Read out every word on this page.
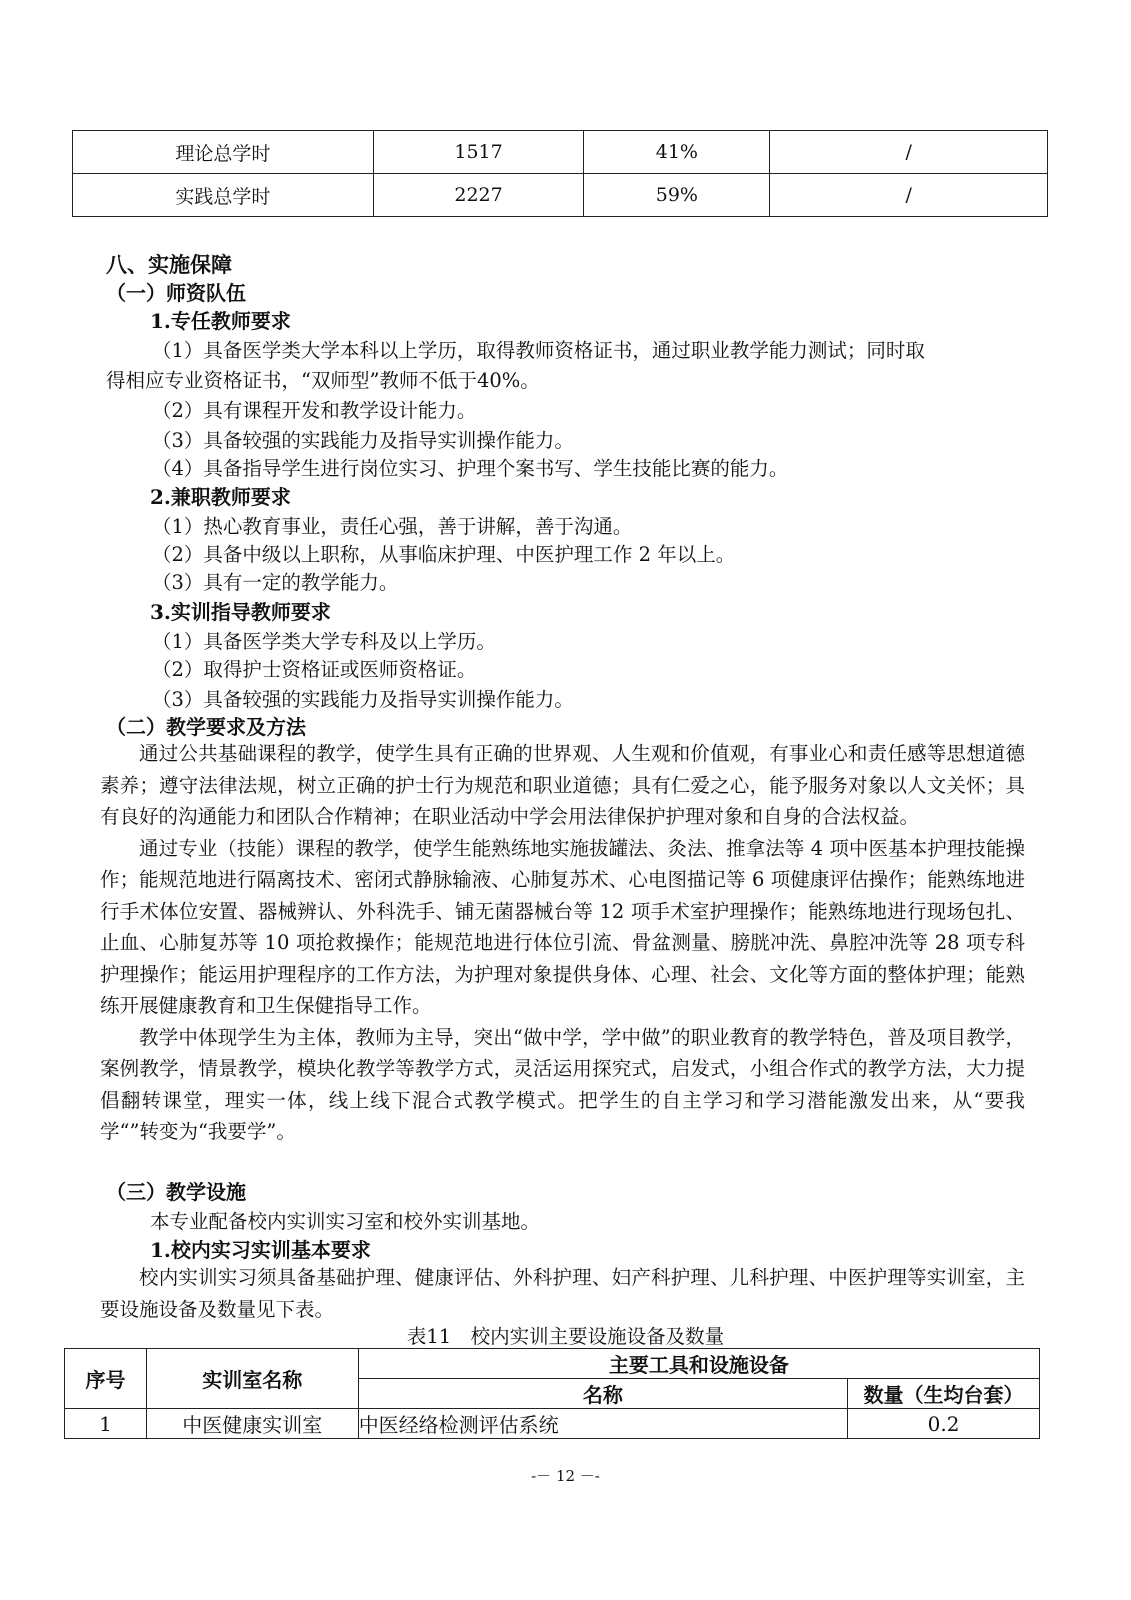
理论总学时	1517	41%	/
实践总学时	2227	59%	/
八、实施保障
（一）师资队伍
1.专任教师要求
（1）具备医学类大学本科以上学历，取得教师资格证书，通过职业教学能力测试；同时取
得相应专业资格证书，“双师型”教师不低于40%。
（2）具有课程开发和教学设计能力。
（3）具备较强的实践能力及指导实训操作能力。
（4）具备指导学生进行岗位实习、护理个案书写、学生技能比赛的能力。
2.兼职教师要求
（1）热心教育事业，责任心强，善于讲解，善于沟通。
（2）具备中级以上职称，从事临床护理、中医护理工作 2 年以上。
（3）具有一定的教学能力。
3.实训指导教师要求
（1）具备医学类大学专科及以上学历。
（2）取得护士资格证或医师资格证。
（3）具备较强的实践能力及指导实训操作能力。
（二）教学要求及方法

通过公共基础课程的教学，使学生具有正确的世界观、人生观和价值观，有事业心和责任感等思想道德素养；遵守法律法规，树立正确的护士行为规范和职业道德；具有仁爱之心，能予服务对象以人文关怀；具有良好的沟通能力和团队合作精神；在职业活动中学会用法律保护护理对象和自身的合法权益。

通过专业（技能）课程的教学，使学生能熟练地实施拔罐法、灸法、推拿法等 4 项中医基本护理技能操作；能规范地进行隔离技术、密闭式静脉输液、心肺复苏术、心电图描记等 6 项健康评估操作；能熟练地进行手术体位安置、器械辨认、外科洗手、铺无菌器械台等 12 项手术室护理操作；能熟练地进行现场包扎、止血、心肺复苏等 10 项抢救操作；能规范地进行体位引流、骨盆测量、膀胱冲洗、鼻腔冲洗等 28 项专科护理操作；能运用护理程序的工作方法，为护理对象提供身体、心理、社会、文化等方面的整体护理；能熟练开展健康教育和卫生保健指导工作。

教学中体现学生为主体，教师为主导，突出“做中学，学中做”的职业教育的教学特色，普及项目教学，案例教学，情景教学，模块化教学等教学方式，灵活运用探究式，启发式，小组合作式的教学方法，大力提倡翻转课堂，理实一体，线上线下混合式教学模式。把学生的自主学习和学习潜能激发出来，从“要我学“”转变为“我要学”。

（三）教学设施
本专业配备校内实训实习室和校外实训基地。
1.校内实习实训基本要求
校内实训实习须具备基础护理、健康评估、外科护理、妇产科护理、儿科护理、中医护理等实训室，主要设施设备及数量见下表。
表11　校内实训主要设施设备及数量
序号	实训室名称	主要工具和设施设备	
		名称	数量（生均台套）
1	中医健康实训室	中医经络检测评估系统	0.2
-－ 12 －-
